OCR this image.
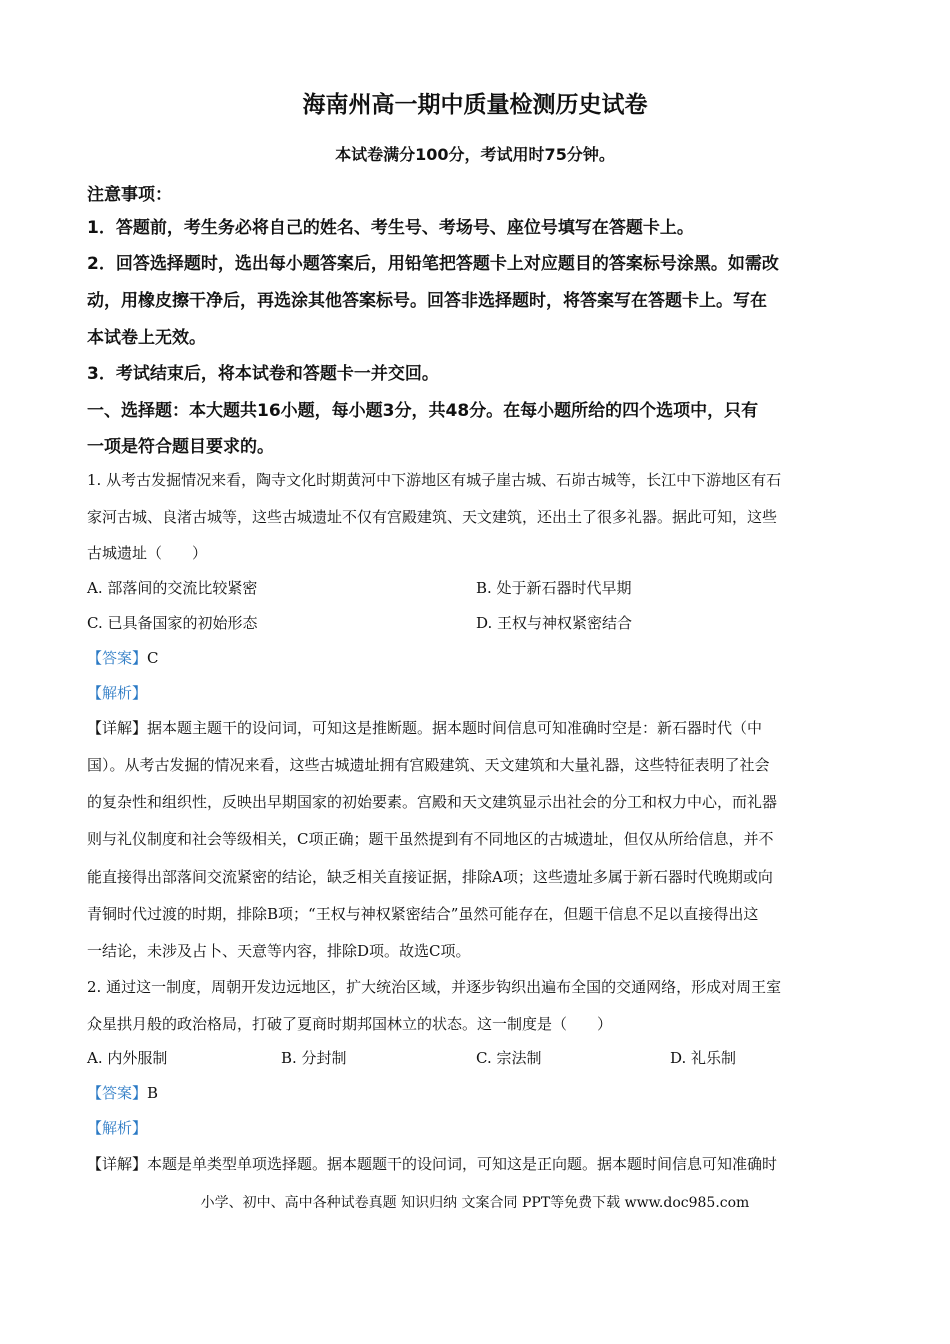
海南州高一期中质量检测历史试卷
本试卷满分100分，考试用时75分钟。
注意事项：
1．答题前，考生务必将自己的姓名、考生号、考场号、座位号填写在答题卡上。
2．回答选择题时，选出每小题答案后，用铅笔把答题卡上对应题目的答案标号涂黑。如需改
动，用橡皮擦干净后，再选涂其他答案标号。回答非选择题时，将答案写在答题卡上。写在
本试卷上无效。
3．考试结束后，将本试卷和答题卡一并交回。
一、选择题：本大题共16小题，每小题3分，共48分。在每小题所给的四个选项中，只有
一项是符合题目要求的。
1. 从考古发掘情况来看，陶寺文化时期黄河中下游地区有城子崖古城、石峁古城等，长江中下游地区有石
家河古城、良渚古城等，这些古城遗址不仅有宫殿建筑、天文建筑，还出土了很多礼器。据此可知，这些
古城遗址（　　）
A. 部落间的交流比较紧密	B. 处于新石器时代早期
C. 已具备国家的初始形态	D. 王权与神权紧密结合
【答案】C
【解析】
【详解】据本题主题干的设问词，可知这是推断题。据本题时间信息可知准确时空是：新石器时代（中
国）。从考古发掘的情况来看，这些古城遗址拥有宫殿建筑、天文建筑和大量礼器，这些特征表明了社会
的复杂性和组织性，反映出早期国家的初始要素。宫殿和天文建筑显示出社会的分工和权力中心，而礼器
则与礼仪制度和社会等级相关，C项正确；题干虽然提到有不同地区的古城遗址，但仅从所给信息，并不
能直接得出部落间交流紧密的结论，缺乏相关直接证据，排除A项；这些遗址多属于新石器时代晚期或向
青铜时代过渡的时期，排除B项；“王权与神权紧密结合”虽然可能存在，但题干信息不足以直接得出这
一结论，未涉及占卜、天意等内容，排除D项。故选C项。
2. 通过这一制度，周朝开发边远地区，扩大统治区域，并逐步钩织出遍布全国的交通网络，形成对周王室
众星拱月般的政治格局，打破了夏商时期邦国林立的状态。这一制度是（　　）
A. 内外服制	B. 分封制	C. 宗法制	D. 礼乐制
【答案】B
【解析】
【详解】本题是单类型单项选择题。据本题题干的设问词，可知这是正向题。据本题时间信息可知准确时
小学、初中、高中各种试卷真题 知识归纳 文案合同 PPT等免费下载 www.doc985.com
